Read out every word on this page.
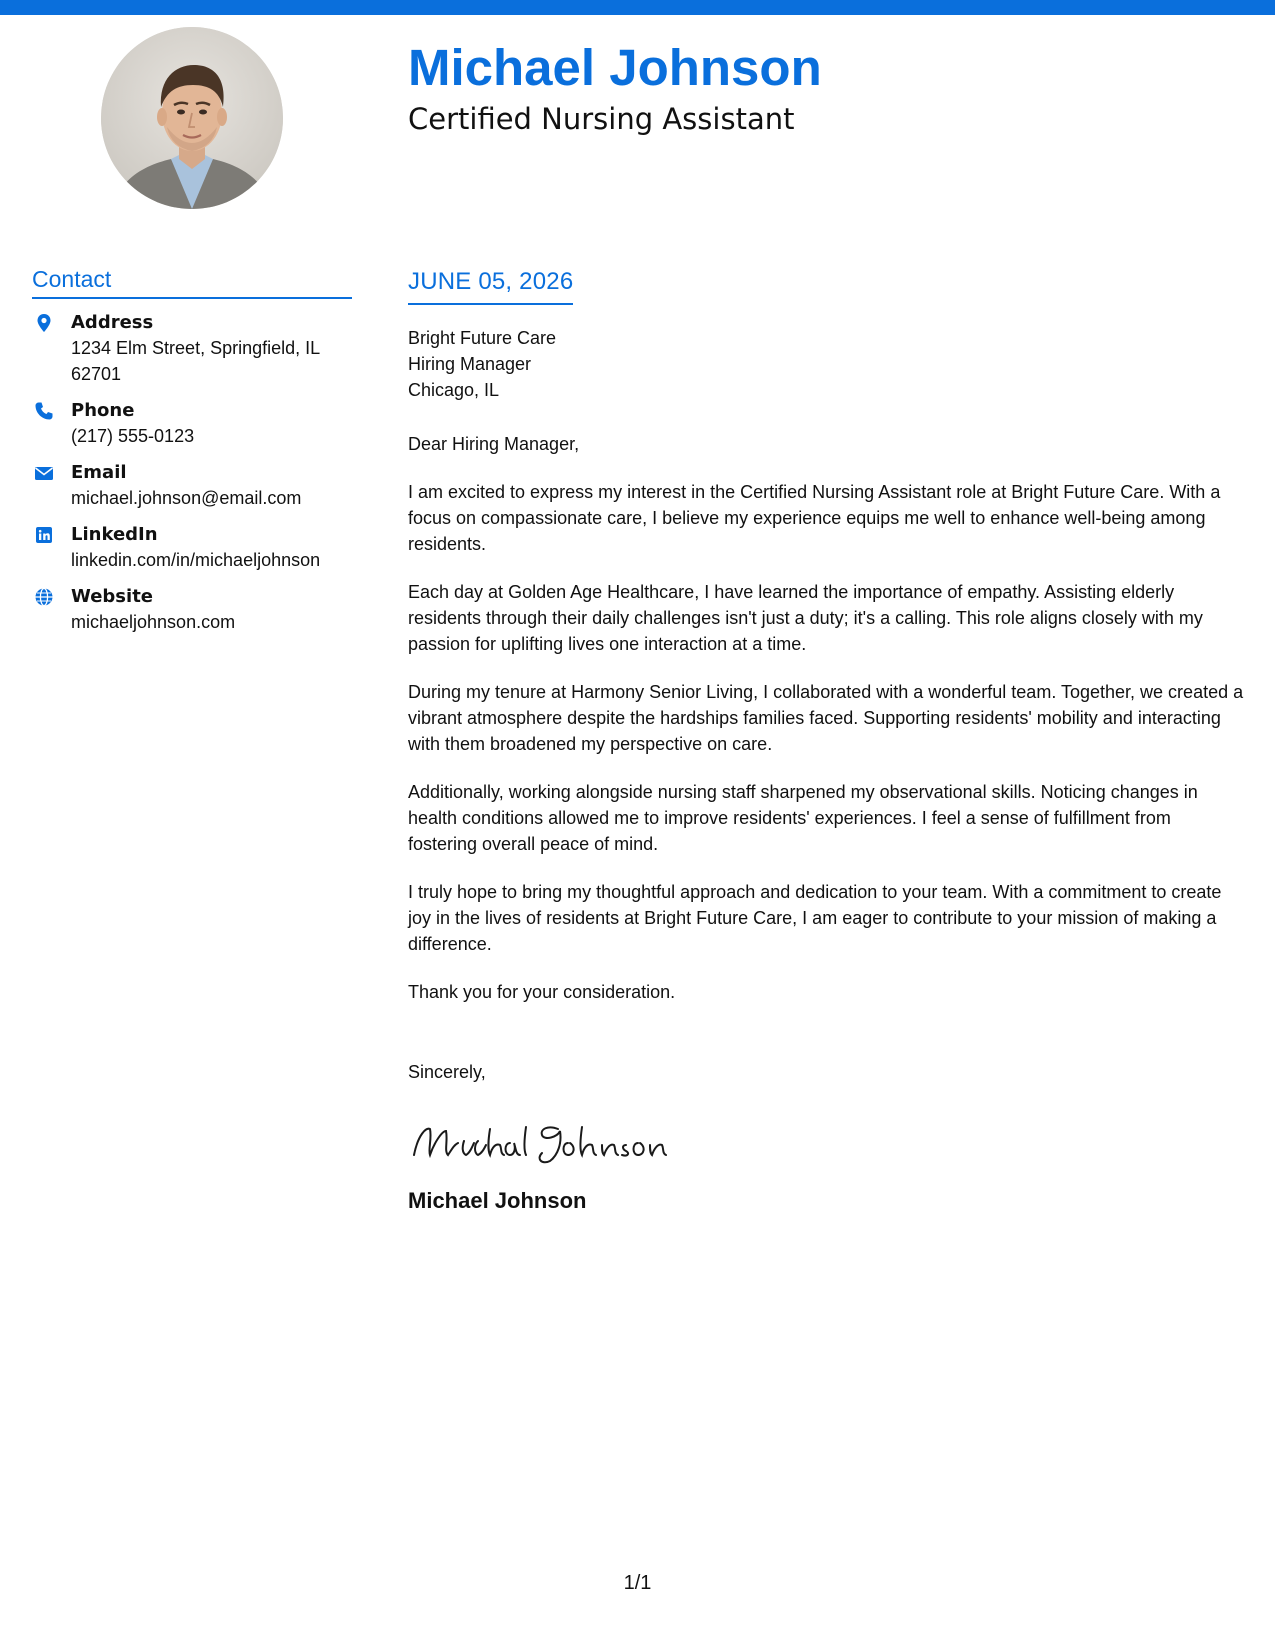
Michael Johnson
Certified Nursing Assistant
Contact
Address
1234 Elm Street, Springfield, IL 62701
Phone
(217) 555-0123
Email
michael.johnson@email.com
LinkedIn
linkedin.com/in/michaeljohnson
Website
michaeljohnson.com
JUNE 05, 2026
Bright Future Care
Hiring Manager
Chicago, IL
Dear Hiring Manager,

I am excited to express my interest in the Certified Nursing Assistant role at Bright Future Care. With a focus on compassionate care, I believe my experience equips me well to enhance well-being among residents.

Each day at Golden Age Healthcare, I have learned the importance of empathy. Assisting elderly residents through their daily challenges isn't just a duty; it's a calling. This role aligns closely with my passion for uplifting lives one interaction at a time.

During my tenure at Harmony Senior Living, I collaborated with a wonderful team. Together, we created a vibrant atmosphere despite the hardships families faced. Supporting residents' mobility and interacting with them broadened my perspective on care.

Additionally, working alongside nursing staff sharpened my observational skills. Noticing changes in health conditions allowed me to improve residents' experiences. I feel a sense of fulfillment from fostering overall peace of mind.

I truly hope to bring my thoughtful approach and dedication to your team. With a commitment to create joy in the lives of residents at Bright Future Care, I am eager to contribute to your mission of making a difference.

Thank you for your consideration.

Sincerely,
Michael Johnson
1/1
